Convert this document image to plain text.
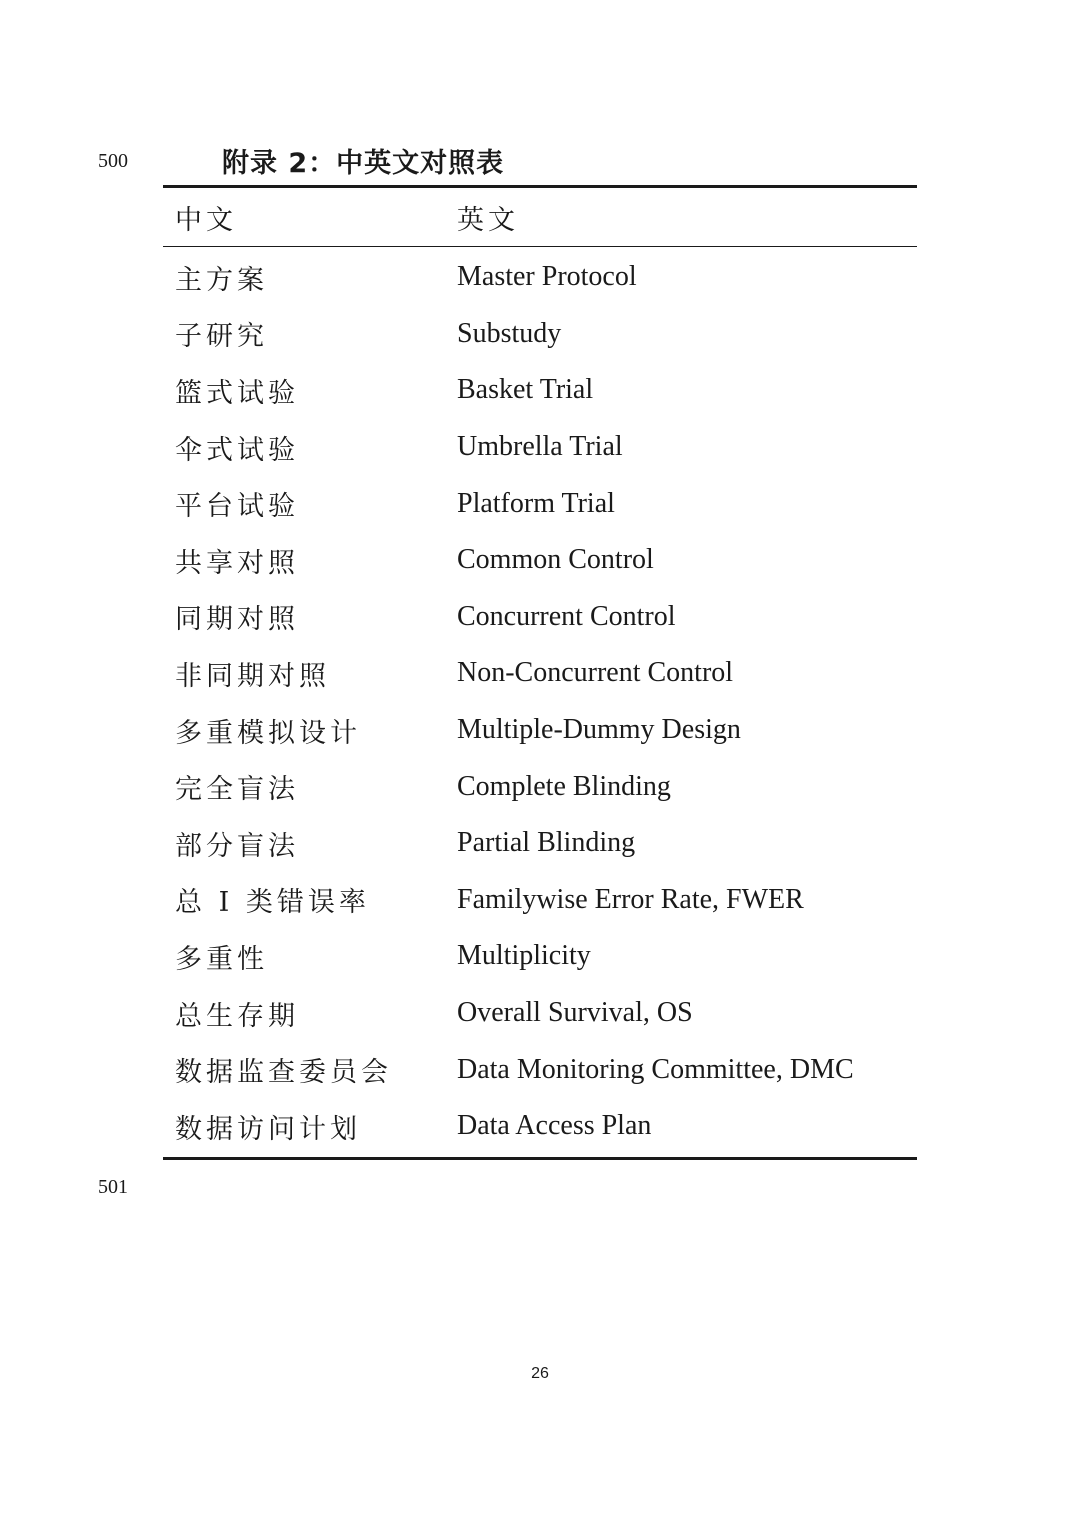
500	附录 2：中英文对照表
中文	英文
主方案	Master Protocol
子研究	Substudy
篮式试验	Basket Trial
伞式试验	Umbrella Trial
平台试验	Platform Trial
共享对照	Common Control
同期对照	Concurrent Control
非同期对照	Non-Concurrent Control
多重模拟设计	Multiple-Dummy Design
完全盲法	Complete Blinding
部分盲法	Partial Blinding
总 I 类错误率	Familywise Error Rate, FWER
多重性	Multiplicity
总生存期	Overall Survival, OS
数据监查委员会	Data Monitoring Committee, DMC
数据访问计划	Data Access Plan
501
26
